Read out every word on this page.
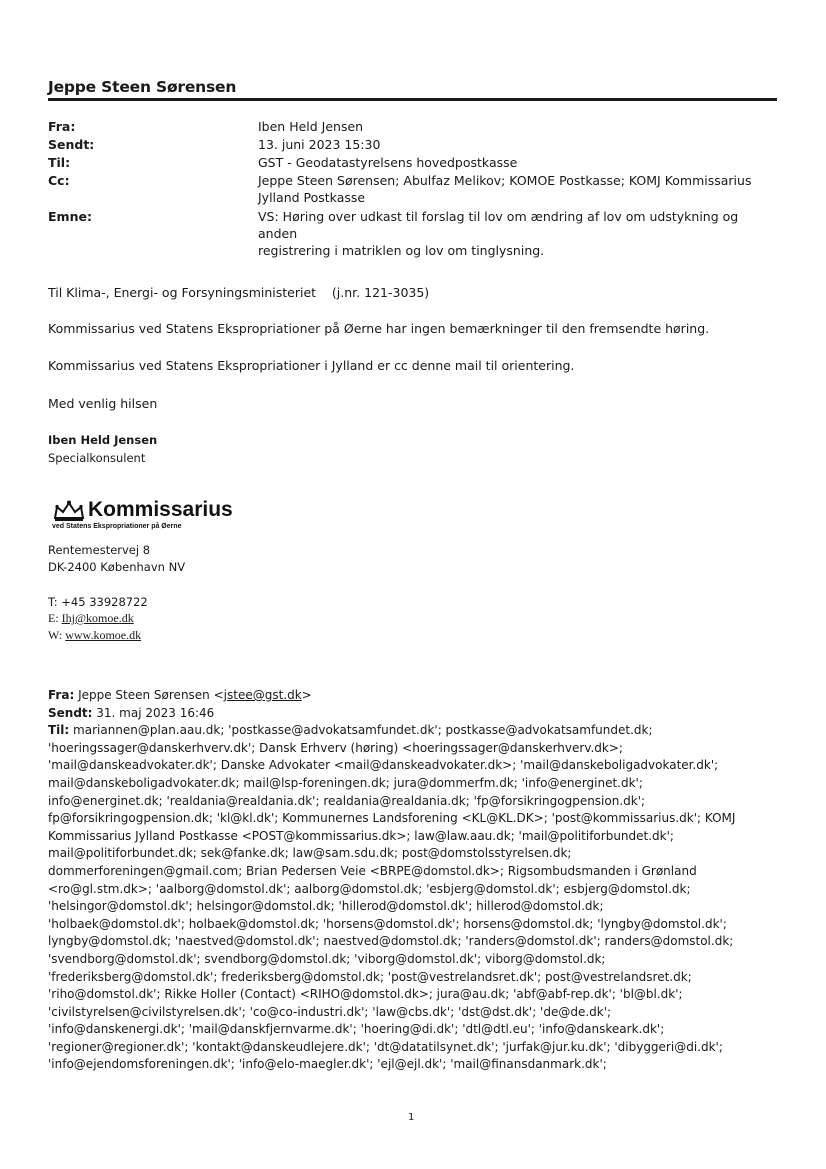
Jeppe Steen Sørensen
Fra:	Iben Held Jensen
Sendt:	13. juni 2023 15:30
Til:	GST - Geodatastyrelsens hovedpostkasse
Cc:	Jeppe Steen Sørensen; Abulfaz Melikov; KOMOE Postkasse; KOMJ Kommissarius
Jylland Postkasse
Emne:	VS: Høring over udkast til forslag til lov om ændring af lov om udstykning og anden
registrering i matriklen og lov om tinglysning.
Til Klima-, Energi- og Forsyningsministeriet    (j.nr. 121-3035)
Kommissarius ved Statens Ekspropriationer på Øerne har ingen bemærkninger til den fremsendte høring.
Kommissarius ved Statens Ekspropriationer i Jylland er cc denne mail til orientering.
Med venlig hilsen
Iben Held Jensen
Specialkonsulent
Kommissarius
ved Statens Ekspropriationer på Øerne
Rentemestervej 8
DK-2400 København NV
T: +45 33928722
E: Ihj@komoe.dk
W: www.komoe.dk
Fra: Jeppe Steen Sørensen <jstee@gst.dk>
Sendt: 31. maj 2023 16:46
Til: mariannen@plan.aau.dk; 'postkasse@advokatsamfundet.dk'; postkasse@advokatsamfundet.dk;
'hoeringssager@danskerhverv.dk'; Dansk Erhverv (høring) <hoeringssager@danskerhverv.dk>;
'mail@danskeadvokater.dk'; Danske Advokater <mail@danskeadvokater.dk>; 'mail@danskeboligadvokater.dk';
mail@danskeboligadvokater.dk; mail@lsp-foreningen.dk; jura@dommerfm.dk; 'info@energinet.dk';
info@energinet.dk; 'realdania@realdania.dk'; realdania@realdania.dk; 'fp@forsikringogpension.dk';
fp@forsikringogpension.dk; 'kl@kl.dk'; Kommunernes Landsforening <KL@KL.DK>; 'post@kommissarius.dk'; KOMJ
Kommissarius Jylland Postkasse <POST@kommissarius.dk>; law@law.aau.dk; 'mail@politiforbundet.dk';
mail@politiforbundet.dk; sek@fanke.dk; law@sam.sdu.dk; post@domstolsstyrelsen.dk;
dommerforeningen@gmail.com; Brian Pedersen Veie <BRPE@domstol.dk>; Rigsombudsmanden i Grønland
<ro@gl.stm.dk>; 'aalborg@domstol.dk'; aalborg@domstol.dk; 'esbjerg@domstol.dk'; esbjerg@domstol.dk;
'helsingor@domstol.dk'; helsingor@domstol.dk; 'hillerod@domstol.dk'; hillerod@domstol.dk;
'holbaek@domstol.dk'; holbaek@domstol.dk; 'horsens@domstol.dk'; horsens@domstol.dk; 'lyngby@domstol.dk';
lyngby@domstol.dk; 'naestved@domstol.dk'; naestved@domstol.dk; 'randers@domstol.dk'; randers@domstol.dk;
'svendborg@domstol.dk'; svendborg@domstol.dk; 'viborg@domstol.dk'; viborg@domstol.dk;
'frederiksberg@domstol.dk'; frederiksberg@domstol.dk; 'post@vestrelandsret.dk'; post@vestrelandsret.dk;
'riho@domstol.dk'; Rikke Holler (Contact) <RIHO@domstol.dk>; jura@au.dk; 'abf@abf-rep.dk'; 'bl@bl.dk';
'civilstyrelsen@civilstyrelsen.dk'; 'co@co-industri.dk'; 'law@cbs.dk'; 'dst@dst.dk'; 'de@de.dk';
'info@danskenergi.dk'; 'mail@danskfjernvarme.dk'; 'hoering@di.dk'; 'dtl@dtl.eu'; 'info@danskeark.dk';
'regioner@regioner.dk'; 'kontakt@danskeudlejere.dk'; 'dt@datatilsynet.dk'; 'jurfak@jur.ku.dk'; 'dibyggeri@di.dk';
'info@ejendomsforeningen.dk'; 'info@elo-maegler.dk'; 'ejl@ejl.dk'; 'mail@finansdanmark.dk';
1
